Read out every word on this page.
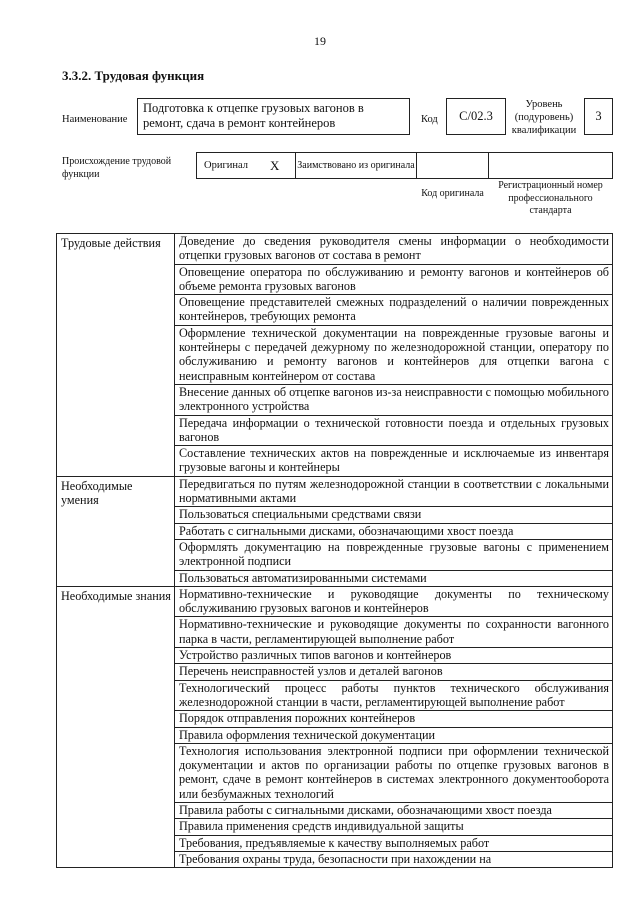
19
3.3.2. Трудовая функция
Наименование
Подготовка к отцепке грузовых вагонов в ремонт, сдача в ремонт контейнеров	Код	С/02.3
Уровень (подуровень) квалификации
3
Происхождение трудовой функции
Оригинал X Заимствовано из оригинала
Код оригинала
Регистрационный номер профессионального стандарта
Трудовые действия	Доведение до сведения руководителя смены информации о необходимости отцепки грузовых вагонов от состава в ремонт
	Оповещение оператора по обслуживанию и ремонту вагонов и контейнеров об объеме ремонта грузовых вагонов
	Оповещение представителей смежных подразделений о наличии поврежденных контейнеров, требующих ремонта
	Оформление технической документации на поврежденные грузовые вагоны и контейнеры с передачей дежурному по железнодорожной станции, оператору по обслуживанию и ремонту вагонов и контейнеров для отцепки вагона с неисправным контейнером от состава
	Внесение данных об отцепке вагонов из-за неисправности с помощью мобильного электронного устройства
	Передача информации о технической готовности поезда и отдельных грузовых вагонов
	Составление технических актов на поврежденные и исключаемые из инвентаря грузовые вагоны и контейнеры
Необходимые умения	Передвигаться по путям железнодорожной станции в соответствии с локальными нормативными актами
	Пользоваться специальными средствами связи
	Работать с сигнальными дисками, обозначающими хвост поезда
	Оформлять документацию на поврежденные грузовые вагоны с применением электронной подписи
	Пользоваться автоматизированными системами
Необходимые знания	Нормативно-технические и руководящие документы по техническому обслуживанию грузовых вагонов и контейнеров
	Нормативно-технические и руководящие документы по сохранности вагонного парка в части, регламентирующей выполнение работ
	Устройство различных типов вагонов и контейнеров
	Перечень неисправностей узлов и деталей вагонов
	Технологический процесс работы пунктов технического обслуживания железнодорожной станции в части, регламентирующей выполнение работ
	Порядок отправления порожних контейнеров
	Правила оформления технической документации
	Технология использования электронной подписи при оформлении технической документации и актов по организации работы по отцепке грузовых вагонов в ремонт, сдаче в ремонт контейнеров в системах электронного документооборота или безбумажных технологий
	Правила работы с сигнальными дисками, обозначающими хвост поезда
	Правила применения средств индивидуальной защиты
	Требования, предъявляемые к качеству выполняемых работ
	Требования охраны труда, безопасности при нахождении на
